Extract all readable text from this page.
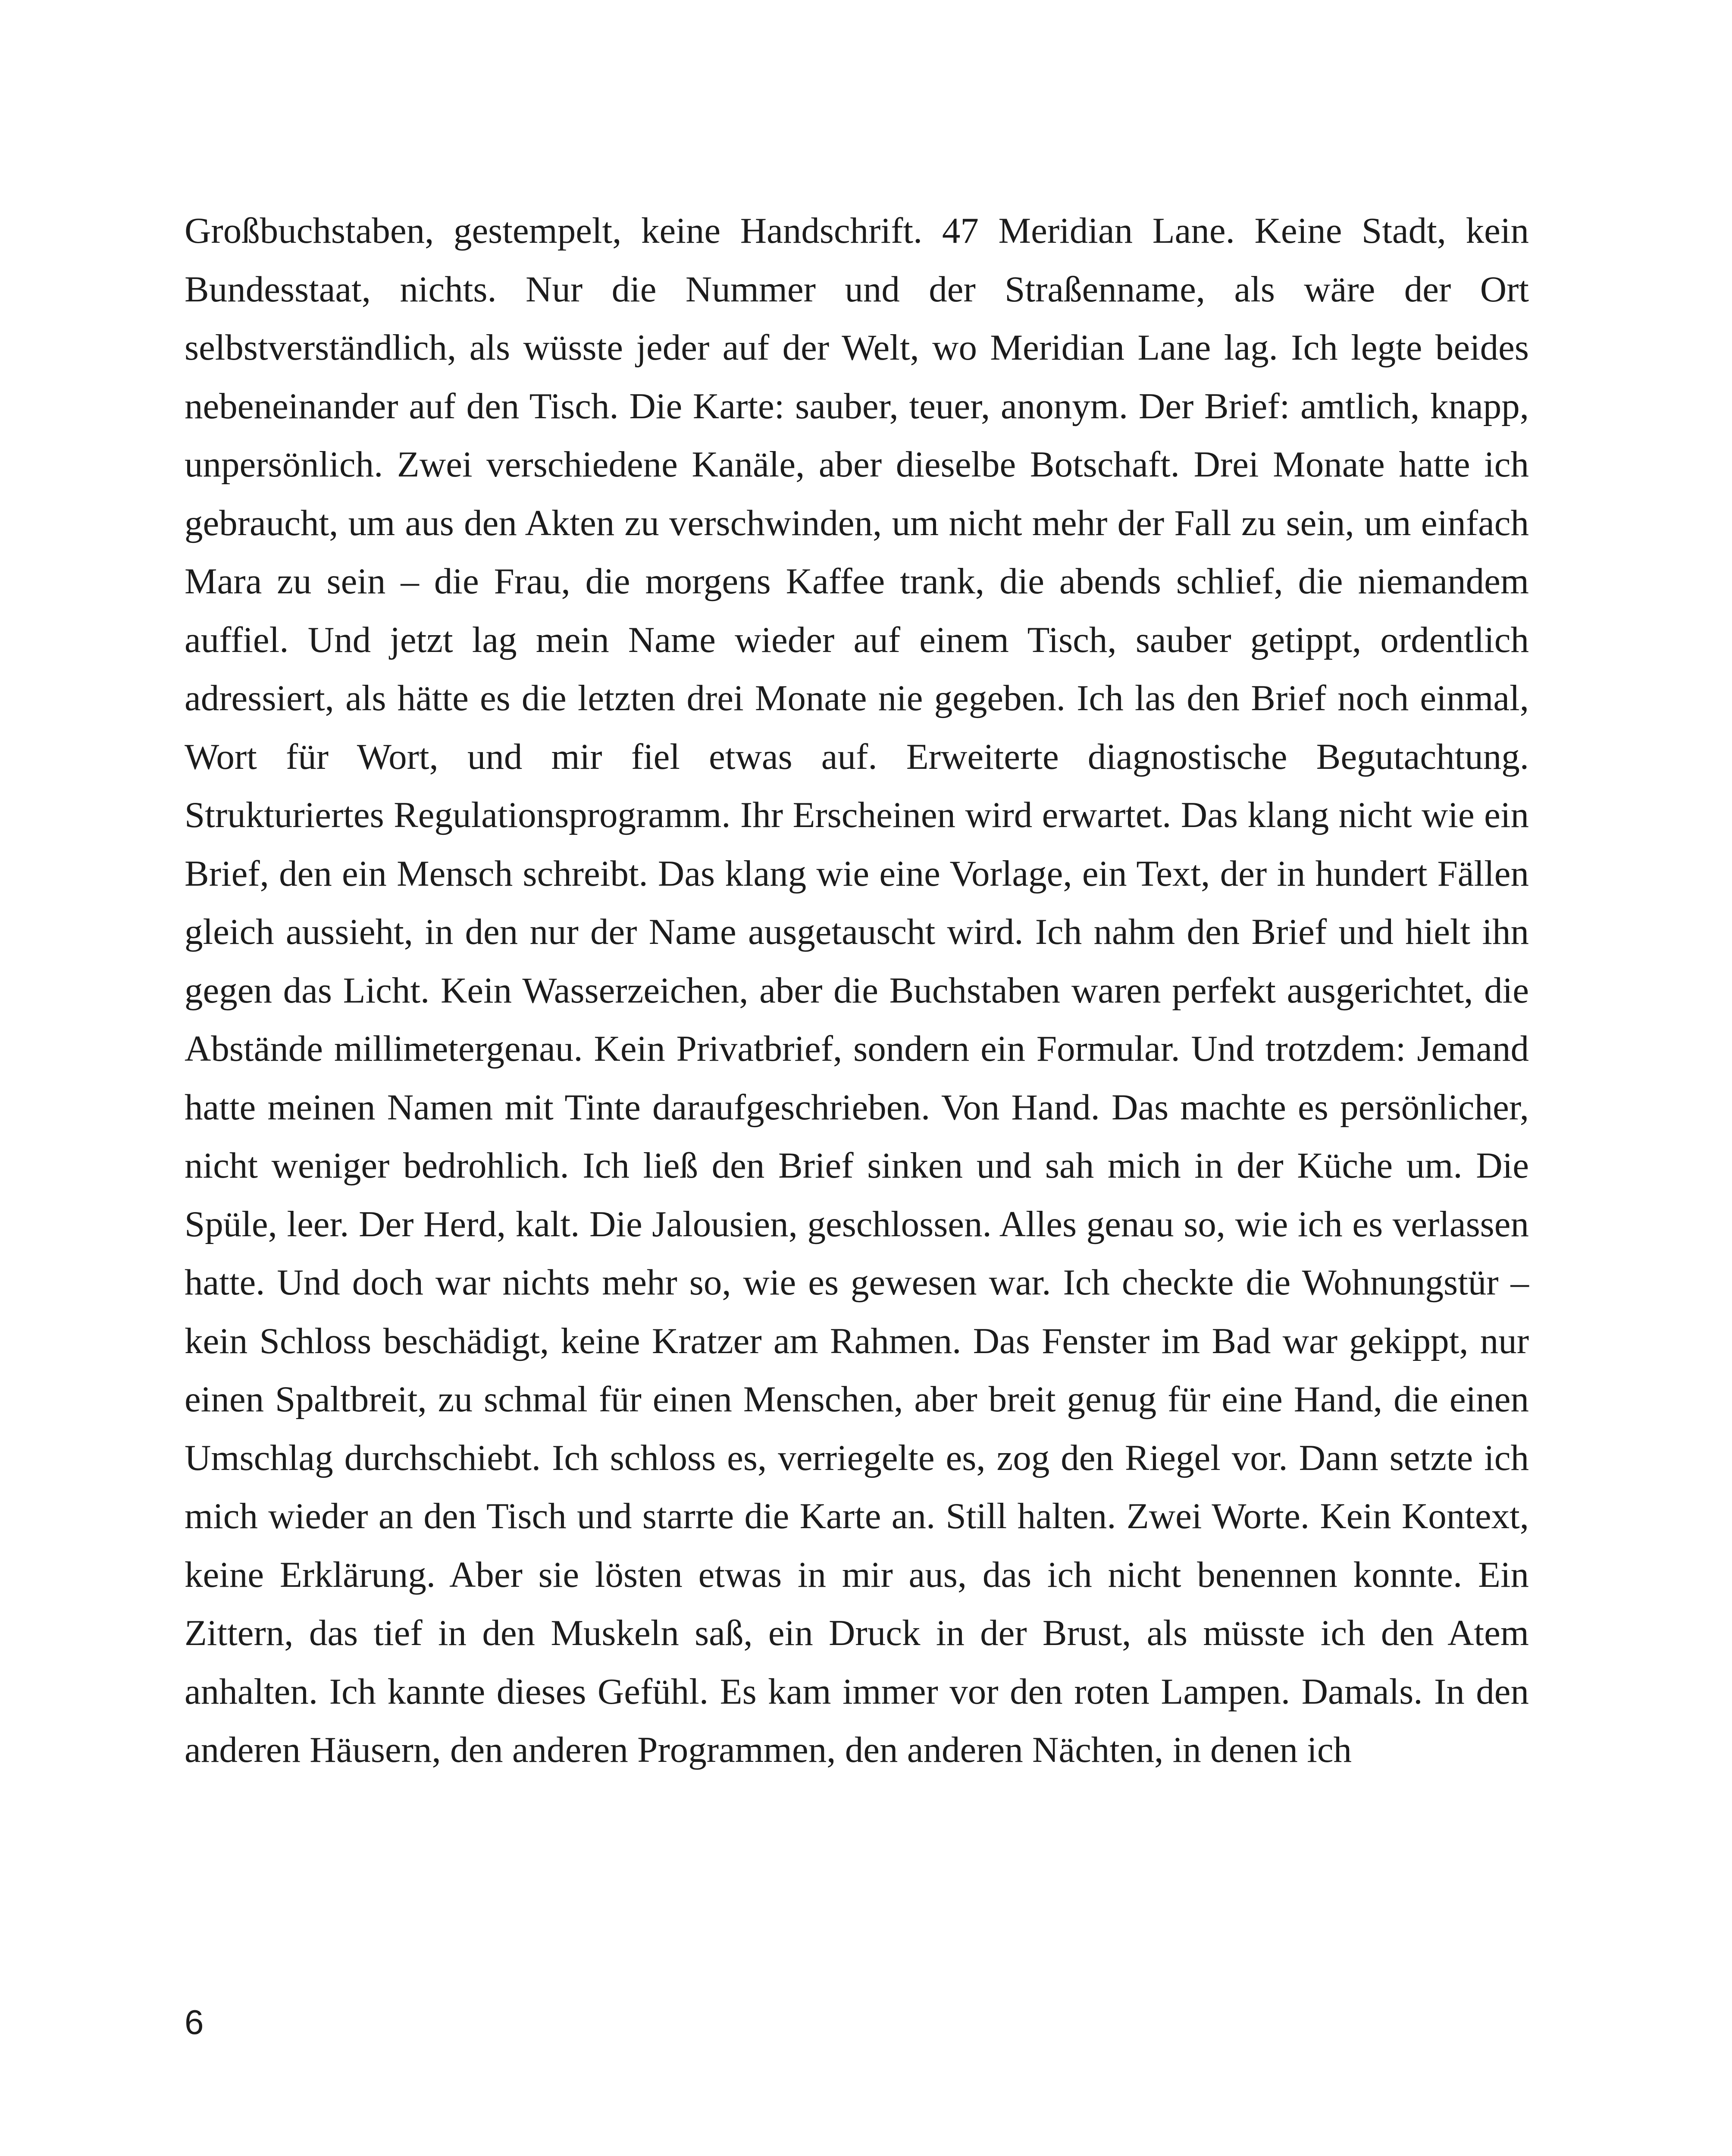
Großbuchstaben, gestempelt, keine Handschrift. 47 Meridian Lane. Keine Stadt, kein Bundesstaat, nichts. Nur die Nummer und der Straßenname, als wäre der Ort selbstverständlich, als wüsste jeder auf der Welt, wo Meridian Lane lag. Ich legte beides nebeneinander auf den Tisch. Die Karte: sauber, teuer, anonym. Der Brief: amtlich, knapp, unpersönlich. Zwei verschiedene Kanäle, aber dieselbe Botschaft. Drei Monate hatte ich gebraucht, um aus den Akten zu verschwinden, um nicht mehr der Fall zu sein, um einfach Mara zu sein – die Frau, die morgens Kaffee trank, die abends schlief, die niemandem auffiel. Und jetzt lag mein Name wieder auf einem Tisch, sauber getippt, ordentlich adressiert, als hätte es die letzten drei Monate nie gegeben. Ich las den Brief noch einmal, Wort für Wort, und mir fiel etwas auf. Erweiterte diagnostische Begutachtung. Strukturiertes Regulationsprogramm. Ihr Erscheinen wird erwartet. Das klang nicht wie ein Brief, den ein Mensch schreibt. Das klang wie eine Vorlage, ein Text, der in hundert Fällen gleich aussieht, in den nur der Name ausgetauscht wird. Ich nahm den Brief und hielt ihn gegen das Licht. Kein Wasserzeichen, aber die Buchstaben waren perfekt ausgerichtet, die Abstände millimetergenau. Kein Privatbrief, sondern ein Formular. Und trotzdem: Jemand hatte meinen Namen mit Tinte daraufgeschrieben. Von Hand. Das machte es persönlicher, nicht weniger bedrohlich. Ich ließ den Brief sinken und sah mich in der Küche um. Die Spüle, leer. Der Herd, kalt. Die Jalousien, geschlossen. Alles genau so, wie ich es verlassen hatte. Und doch war nichts mehr so, wie es gewesen war. Ich checkte die Wohnungstür – kein Schloss beschädigt, keine Kratzer am Rahmen. Das Fenster im Bad war gekippt, nur einen Spaltbreit, zu schmal für einen Menschen, aber breit genug für eine Hand, die einen Umschlag durchschiebt. Ich schloss es, verriegelte es, zog den Riegel vor. Dann setzte ich mich wieder an den Tisch und starrte die Karte an. Still halten. Zwei Worte. Kein Kontext, keine Erklärung. Aber sie lösten etwas in mir aus, das ich nicht benennen konnte. Ein Zittern, das tief in den Muskeln saß, ein Druck in der Brust, als müsste ich den Atem anhalten. Ich kannte dieses Gefühl. Es kam immer vor den roten Lampen. Damals. In den anderen Häusern, den anderen Programmen, den anderen Nächten, in denen ich

6
